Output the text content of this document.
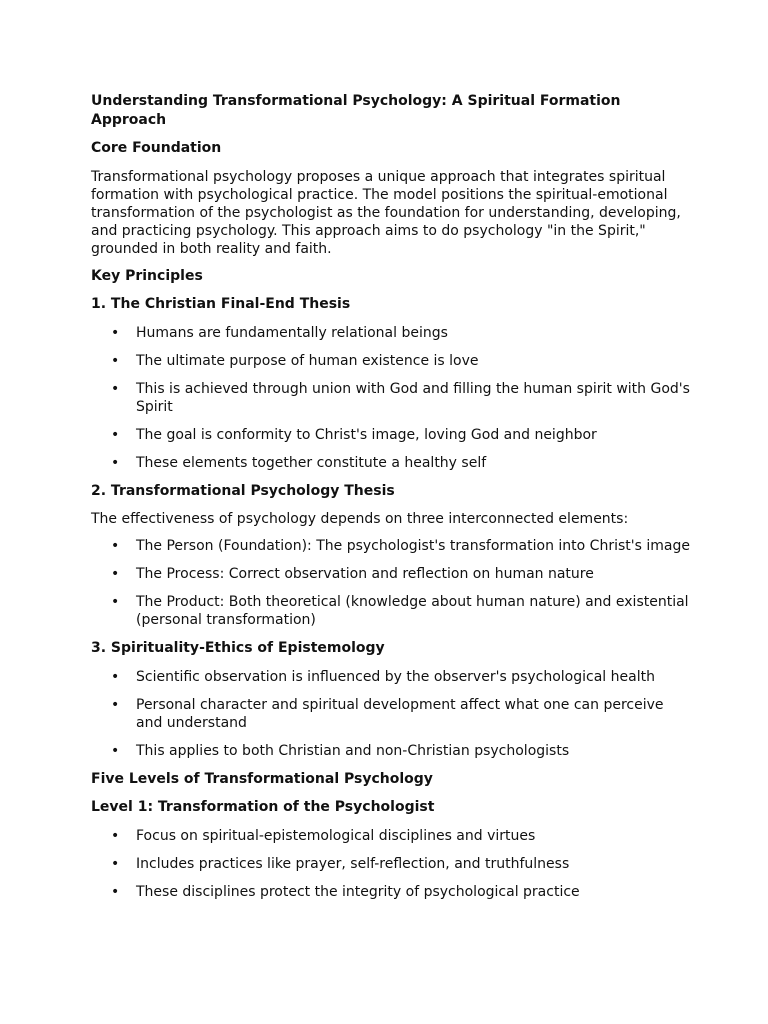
Understanding Transformational Psychology: A Spiritual Formation Approach
Core Foundation

Transformational psychology proposes a unique approach that integrates spiritual formation with psychological practice. The model positions the spiritual-emotional transformation of the psychologist as the foundation for understanding, developing, and practicing psychology. This approach aims to do psychology "in the Spirit," grounded in both reality and faith.

Key Principles
1. The Christian Final-End Thesis
• Humans are fundamentally relational beings
• The ultimate purpose of human existence is love
• This is achieved through union with God and filling the human spirit with God's Spirit
• The goal is conformity to Christ's image, loving God and neighbor
• These elements together constitute a healthy self
2. Transformational Psychology Thesis

The effectiveness of psychology depends on three interconnected elements:

• The Person (Foundation): The psychologist's transformation into Christ's image
• The Process: Correct observation and reflection on human nature
• The Product: Both theoretical (knowledge about human nature) and existential (personal transformation)
3. Spirituality-Ethics of Epistemology
• Scientific observation is influenced by the observer's psychological health
• Personal character and spiritual development affect what one can perceive and understand
• This applies to both Christian and non-Christian psychologists
Five Levels of Transformational Psychology
Level 1: Transformation of the Psychologist
• Focus on spiritual-epistemological disciplines and virtues
• Includes practices like prayer, self-reflection, and truthfulness
• These disciplines protect the integrity of psychological practice
